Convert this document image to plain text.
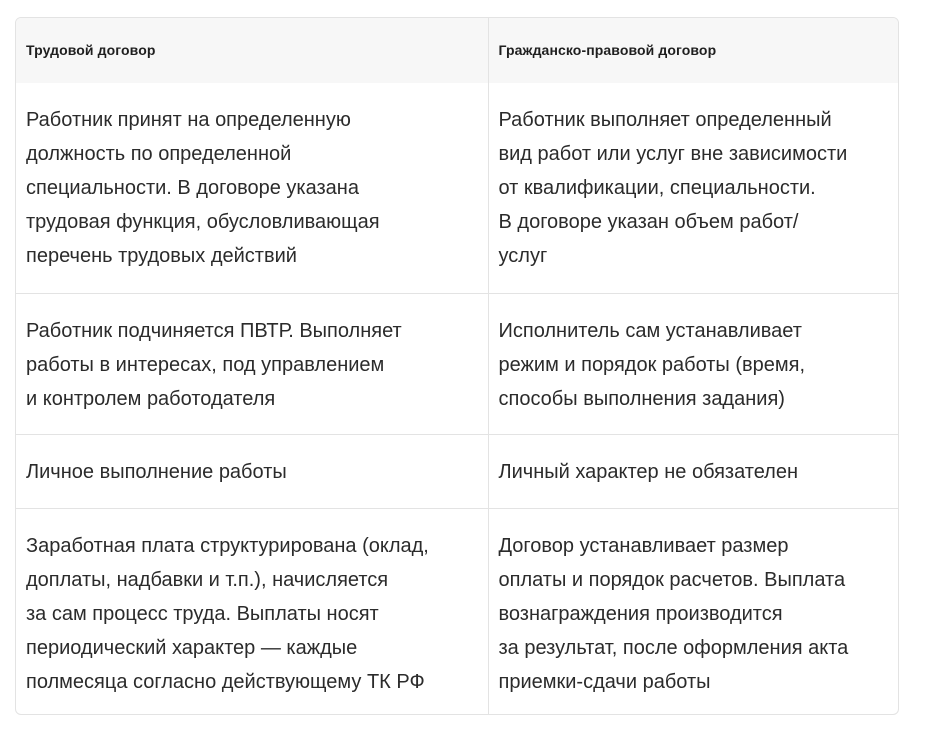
Трудовой договор	Гражданско-правовой договор

Работник принят на определенную
должность по определенной
специальности. В договоре указана
трудовая функция, обусловливающая
перечень трудовых действий	Работник выполняет определенный
вид работ или услуг вне зависимости
от квалификации, специальности.
В договоре указан объем работ/
услуг

Работник подчиняется ПВТР. Выполняет
работы в интересах, под управлением
и контролем работодателя	Исполнитель сам устанавливает
режим и порядок работы (время,
способы выполнения задания)

Личное выполнение работы	Личный характер не обязателен

Заработная плата структурирована (оклад,
доплаты, надбавки и т.п.), начисляется
за сам процесс труда. Выплаты носят
периодический характер — каждые
полмесяца согласно действующему ТК РФ	Договор устанавливает размер
оплаты и порядок расчетов. Выплата
вознаграждения производится
за результат, после оформления акта
приемки-сдачи работы
